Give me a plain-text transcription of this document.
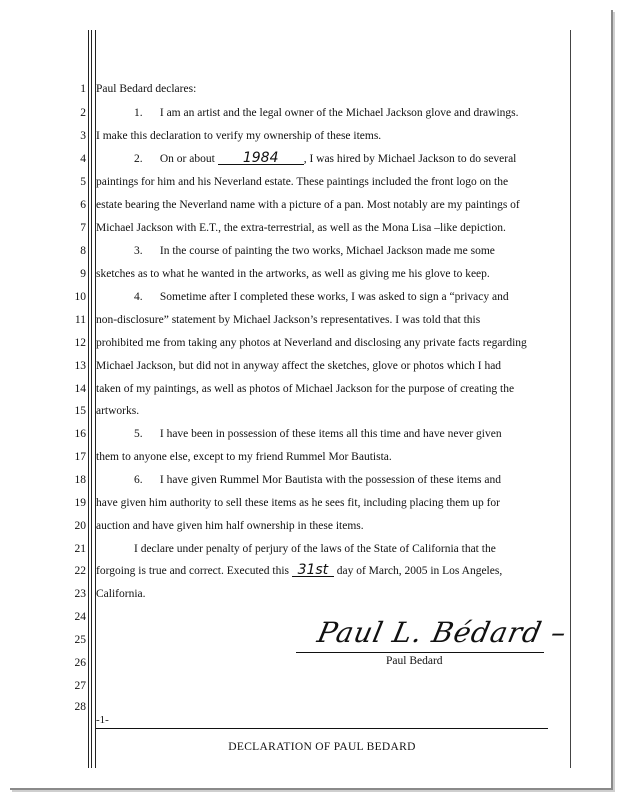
1
2
3
4
5
6
7
8
9
10
11
12
13
14
15
16
17
18
19
20
21
22
23
24
25
26
27
28
Paul Bedard declares:
1.      I am an artist and the legal owner of the Michael Jackson glove and drawings.
I make this declaration to verify my ownership of these items.
2.      On or about 1984 , I was hired by Michael Jackson to do several
paintings for him and his Neverland estate. These paintings included the front logo on the
estate bearing the Neverland name with a picture of a pan. Most notably are my paintings of
Michael Jackson with E.T., the extra-terrestrial, as well as the Mona Lisa –like depiction.
3.      In the course of painting the two works, Michael Jackson made me some
sketches as to what he wanted in the artworks, as well as giving me his glove to keep.
4.      Sometime after I completed these works, I was asked to sign a “privacy and
non-disclosure” statement by Michael Jackson’s representatives. I was told that this
prohibited me from taking any photos at Neverland and disclosing any private facts regarding
Michael Jackson, but did not in anyway affect the sketches, glove or photos which I had
taken of my paintings, as well as photos of Michael Jackson for the purpose of creating the
artworks.
5.      I have been in possession of these items all this time and have never given
them to anyone else, except to my friend Rummel Mor Bautista.
6.      I have given Rummel Mor Bautista with the possession of these items and
have given him authority to sell these items as he sees fit, including placing them up for
auction and have given him half ownership in these items.
I declare under penalty of perjury of the laws of the State of California that the
forgoing is true and correct. Executed this 31st day of March, 2005 in Los Angeles,
California.
Paul L. Bédard –
Paul Bedard
-1-
DECLARATION OF PAUL BEDARD
